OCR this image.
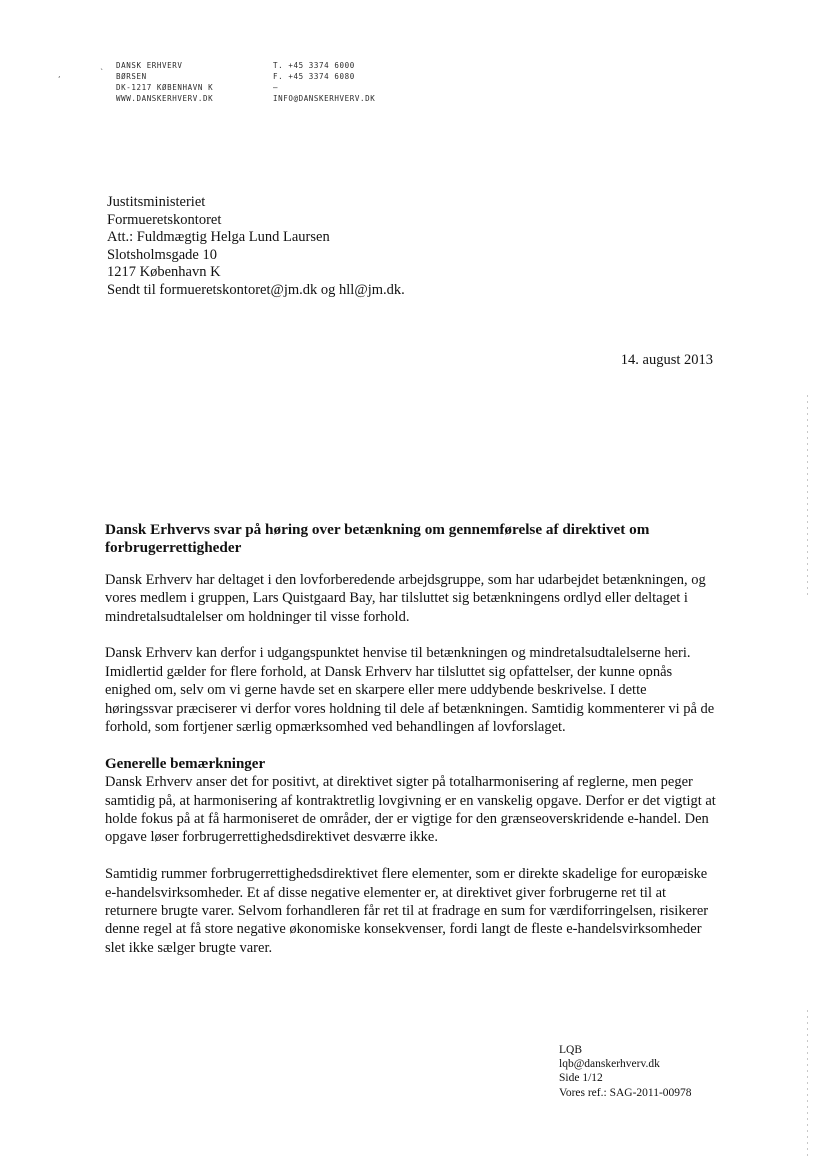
,	`
DANSK ERHVERV
BØRSEN
DK-1217 KØBENHAVN K
WWW.DANSKERHVERV.DK
T. +45 3374 6000
F. +45 3374 6080
–
INFO@DANSKERHVERV.DK
Justitsministeriet
Formueretskontoret
Att.: Fuldmægtig Helga Lund Laursen
Slotsholmsgade 10
1217 København K
Sendt til formueretskontoret@jm.dk og hll@jm.dk.
14. august 2013
Dansk Erhvervs svar på høring over betænkning om gennemførelse af direktivet om forbrugerrettigheder

Dansk Erhverv har deltaget i den lovforberedende arbejdsgruppe, som har udarbejdet betænkningen, og vores medlem i gruppen, Lars Quistgaard Bay, har tilsluttet sig betænkningens ordlyd eller deltaget i mindretalsudtalelser om holdninger til visse forhold.

Dansk Erhverv kan derfor i udgangspunktet henvise til betænkningen og mindretalsudtalelserne heri. Imidlertid gælder for flere forhold, at Dansk Erhverv har tilsluttet sig opfattelser, der kunne opnås enighed om, selv om vi gerne havde set en skarpere eller mere uddybende beskrivelse. I dette høringssvar præciserer vi derfor vores holdning til dele af betænkningen. Samtidig kommenterer vi på de forhold, som fortjener særlig opmærksomhed ved behandlingen af lovforslaget.

Generelle bemærkninger

Dansk Erhverv anser det for positivt, at direktivet sigter på totalharmonisering af reglerne, men peger samtidig på, at harmonisering af kontraktretlig lovgivning er en vanskelig opgave. Derfor er det vigtigt at holde fokus på at få harmoniseret de områder, der er vigtige for den grænseoverskridende e-handel. Den opgave løser forbrugerrettighedsdirektivet desværre ikke.

Samtidig rummer forbrugerrettighedsdirektivet flere elementer, som er direkte skadelige for europæiske e-handelsvirksomheder. Et af disse negative elementer er, at direktivet giver forbrugerne ret til at returnere brugte varer. Selvom forhandleren får ret til at fradrage en sum for værdiforringelsen, risikerer denne regel at få store negative økonomiske konsekvenser, fordi langt de fleste e-handelsvirksomheder slet ikke sælger brugte varer.

LQB
lqb@danskerhverv.dk
Side 1/12
Vores ref.: SAG-2011-00978
